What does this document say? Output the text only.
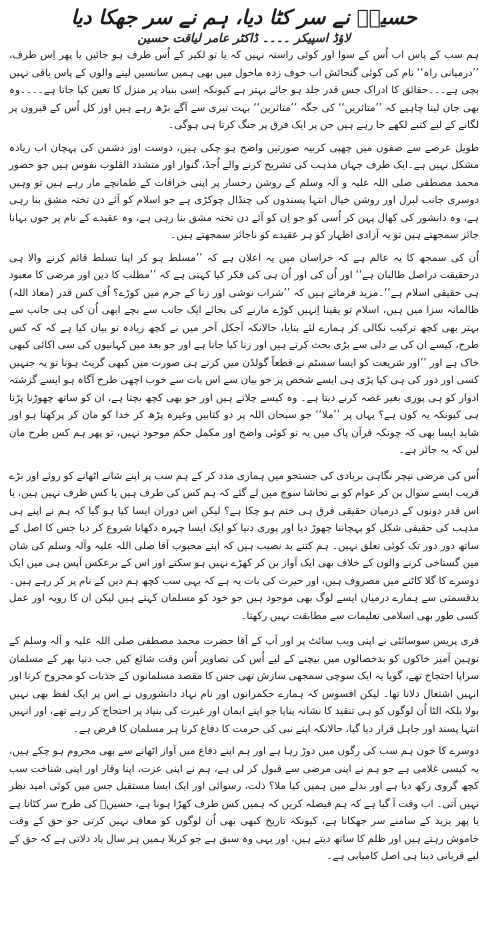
حسینؑ نے سر کٹا دیا، ہم نے سر جھکا دیا
لاؤڈ اسپیکر ۔۔۔۔ ڈاکٹر عامر لیاقت حسین

ہم سب کے پاس اب اُس کے سوا اور کوئی راستہ نہیں کہ یا تو لکیر کے اُس طرف ہو جائیں یا پھر اِس طرف، ’’درمیانی راہ‘‘ نام کی کوئی گنجائش اب خوف زدہ ماحول میں بھی ہمیں سانسیں لینے والوں کے پاس باقی نہیں بچی ہے۔۔۔حقائق کا ادراک جس قدر جلد ہو جائے بہتر ہے کیونکہ اِسی بنیاد پر منزل کا تعین کیا جاتا ہے۔۔۔۔وہ بھی جان لینا چاہیے کہ ’’متاثرین‘‘ کی جگہ ’’متاثرین‘‘ بہت تیزی سے آگے بڑھ رہے ہیں اور کل اُس کے قبروں پر لگانے کے لیے کتبے لکھے جا رہے ہیں جن پر ایک فرق پر جنگ کرتا ہی ہوگی۔

طویل عرصے سے صفوں میں چھپی کربیہ صورتیں واضح ہو چکی ہیں، دوست اور دشمن کی پہچان اب زیادہ مشکل نہیں ہے۔ایک طرف جہاں مذہب کی تشریح کرنے والے اُجڈ، گنوار اور متشدد القلوب نفوس ہیں جو حضور محمد مصطفی صلی اللہ علیہ و آلہ وسلم کے روشن رخسار پر اپنی خرافات کے طمانچے مار رہے ہیں تو وہیں دوسری جانب لبرل اور روشن خیال انتہا پسندوں کی چنڈال چوکڑی ہے جو اسلام کو آئے دن تختہ مشق بنا رہی ہے، وہ دانشور کی کھال پہن کر اُسی کو جو اِن کو آئے دن تختہ مشق بنا رہی ہے، وہ عقیدے کے نام پر جوں بہانا جائز سمجھتے ہیں تو یہ آزادی اظہار کو ہر عقیدے کو ناجائز سمجھتے ہیں۔

اُن کی سمجھ کا یہ عالم ہے کہ خراسان میں یہ اعلان ہے کہ ’’مسلط ہو کر اپنا تسلط قائم کرنے والا ہی درحقیقت دراصل طالبان ہے‘‘ اور اُن کی اور اُن ہی کی فکر کیا کہتی ہے کہ ’’مطلب کا دین اور مرضی کا معبود ہی حقیقی اسلام ہے‘‘۔مزید فرماتے ہیں کہ ’’شراب نوشی اور زنا کے جرم میں کوڑے؟ اُف کس قدر (معاذ اللہ) ظالمانہ سزا میں ہیں، اسلام تو یقینا اِنہیں کوڑے مارنے کی بجائے ایک جانب سے بچے ابھی اُن کی ہی جانب سے بہتر بھی کچھ ترکیب نکالی کر ہمارے لئے بتایا، حالانکہ آجکل آخر میں نے کچھ زیادہ تو بیان کیا ہے کہ کہ کس طرح، کیسے ان کی بے دلی سے بڑی بحث کرتے ہیں اور زنا کیا جانا ہے اور جو بعد میں کہانیوں کی سی اکائی کبھی خاک ہے اور ’’اور شریعت کو ایسا سسٹم نے قطعاً گولڈن میں کرتے ہی صورت میں کبھی گریٹ ہونا تو یہ جنہیں کسی اور دور کی ہی کیا پڑی ہی ایسے شخص پر جو بیان سے اس بات سے خوب اچھی طرح آگاہ ہو ایسے گزشتہ ادوار کو ہی پوری بغیر غصہ کرنے دیتا ہے۔ وہ کیسے چلاتے ہیں اور جو بھی کچھ بچتا ہے، ان کو ساتھ چھوڑنا پڑتا ہی کیونکہ یہ کون ہے؟ یہاں پر ’’ملا‘‘ جو سبحان اللہ پر دو کتابیں وغیرہ پڑھ کر خدا کو مان کر پرکھتا ہو اور شاید ایسا بھی کہ چونکہ قرآن پاک میں یہ تو کوئی واضح اور مکمل حکم موجود نہیں، تو پھر ہم کس طرح مان لیں کہ یہ جائز ہے۔

اُس کی مرضی نیچر نگاہی بربادی کی جستجو میں ہماری مدد کر کے ہم سب پر اپنے شانے اٹھانے کو روئے اور بڑے قریب ایسے سوال بن کر عوام کو بے تحاشا سوچ میں لے گئے کہ ہم کس کی طرف ہیں یا کس طرف نہیں ہیں، یا اس قدر دونوں کے درمیان حقیقی فرق ہی ختم ہو چکا ہے؟ لیکن اس دوران ایسا کیا ہو گیا کہ ہم نے اپنے ہی مذہب کی حقیقی شکل کو پہچاننا چھوڑ دیا اور پوری دنیا کو ایک ایسا چہرہ دکھانا شروع کر دیا جس کا اصل کے ساتھ دور دور تک کوئی تعلق نہیں۔ ہم کتنے بد نصیب ہیں کہ اپنے محبوب آقا صلی اللہ علیہ وآلہ وسلم کی شان میں گستاخی کرنے والوں کے خلاف بھی ایک آواز بن کر کھڑے نہیں ہو سکتے اور اس کے برعکس آپس ہی میں ایک دوسرے کا گلا کاٹنے میں مصروف ہیں، اور حیرت کی بات یہ ہے کہ یہی سب کچھ ہم دین کے نام پر کر رہے ہیں۔ بدقسمتی سے ہمارے درمیان ایسے لوگ بھی موجود ہیں جو خود کو مسلمان کہتے ہیں لیکن ان کا رویہ اور عمل کسی طور بھی اسلامی تعلیمات سے مطابقت نہیں رکھتا۔

فری پریس سوسائٹی نے اپنی ویب سائٹ پر اور آپ کے آقا حضرت محمد مصطفی صلی اللہ علیہ و آلہ وسلم کے توہین آمیز خاکوں کو بدخصالوں میں بیچنے کے لیے اُس کی تصاویر اُس وقت شائع کیں جب دنیا بھر کے مسلمان سراپا احتجاج تھے، گویا یہ ایک سوچی سمجھی سازش تھی جس کا مقصد مسلمانوں کے جذبات کو مجروح کرنا اور انہیں اشتعال دلانا تھا۔ لیکن افسوس کہ ہمارے حکمرانوں اور نام نہاد دانشوروں نے اس پر ایک لفظ بھی نہیں بولا بلکہ الٹا اُن لوگوں کو ہی تنقید کا نشانہ بنایا جو اپنے ایمان اور غیرت کی بنیاد پر احتجاج کر رہے تھے، اور انہیں انتہا پسند اور جاہل قرار دیا گیا، حالانکہ اپنے نبی کی حرمت کا دفاع کرنا ہر مسلمان کا فرض ہے۔

دوسرے کا خون ہم سب کی رگوں میں دوڑ رہا ہے اور ہم اپنے دفاع میں آواز اٹھانے سے بھی محروم ہو چکے ہیں، یہ کیسی غلامی ہے جو ہم نے اپنی مرضی سے قبول کر لی ہے، ہم نے اپنی عزت، اپنا وقار اور اپنی شناخت سب کچھ گروی رکھ دیا ہے اور بدلے میں ہمیں کیا ملا؟ ذلت، رسوائی اور ایک ایسا مستقبل جس میں کوئی امید نظر نہیں آتی۔ اب وقت آ گیا ہے کہ ہم فیصلہ کریں کہ ہمیں کس طرف کھڑا ہونا ہے، حسینؑ کی طرح سر کٹانا ہے یا پھر یزید کے سامنے سر جھکانا ہے، کیونکہ تاریخ کبھی بھی اُن لوگوں کو معاف نہیں کرتی جو حق کے وقت خاموش رہتے ہیں اور ظلم کا ساتھ دیتے ہیں، اور یہی وہ سبق ہے جو کربلا ہمیں ہر سال یاد دلاتی ہے کہ حق کے لیے قربانی دینا ہی اصل کامیابی ہے۔
